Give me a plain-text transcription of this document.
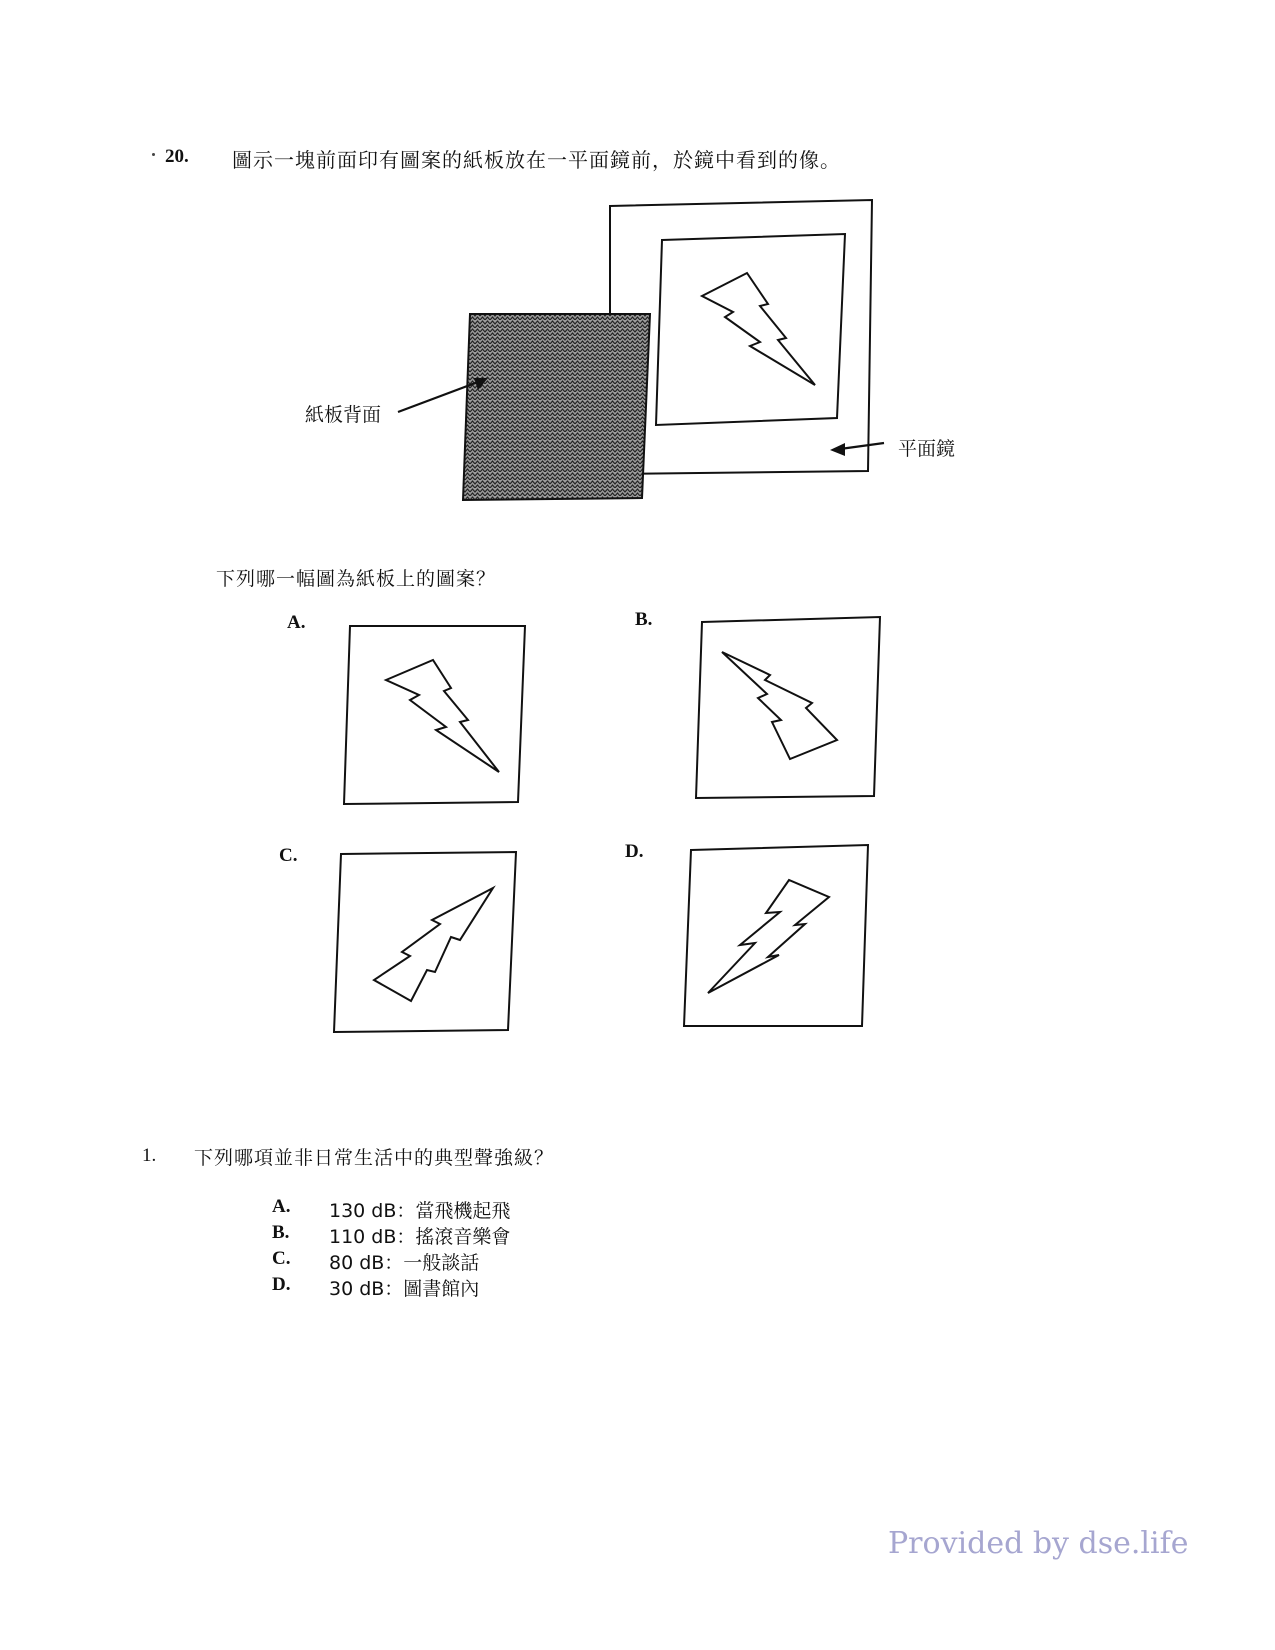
20. 圖示一塊前面印有圖案的紙板放在一平面鏡前，於鏡中看到的像。
紙板背面
平面鏡
下列哪一幅圖為紙板上的圖案？
A.	B.
C.	D.
1. 下列哪項並非日常生活中的典型聲強級？
A. 130 dB：當飛機起飛
B. 110 dB：搖滾音樂會
C. 80 dB：一般談話
D. 30 dB：圖書館內
Provided by dse.life
